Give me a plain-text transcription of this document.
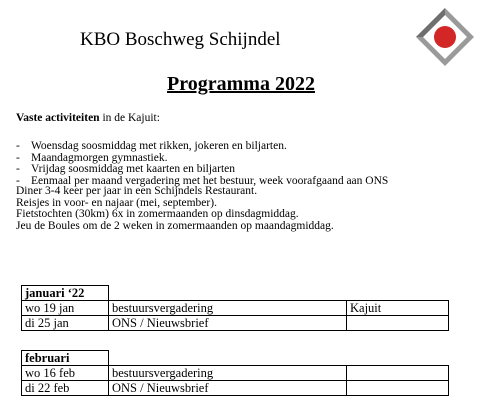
KBO Boschweg Schijndel
Programma 2022
Vaste activiteiten in de Kajuit:
- Woensdag soosmiddag met rikken, jokeren en biljarten.
- Maandagmorgen gymnastiek.
- Vrijdag soosmiddag met kaarten en biljarten
- Eenmaal per maand vergadering met het bestuur, week voorafgaand aan ONS
Diner 3-4 keer per jaar in een Schijndels Restaurant.
Reisjes in voor- en najaar (mei, september).
Fietstochten (30km) 6x in zomermaanden op dinsdagmiddag.
Jeu de Boules om de 2 weken in zomermaanden op maandagmiddag.
januari ‘22		
wo 19 jan	bestuursvergadering	Kajuit
di 25 jan	ONS / Nieuwsbrief	
februari		
wo 16 feb	bestuursvergadering	
di 22 feb	ONS / Nieuwsbrief	
